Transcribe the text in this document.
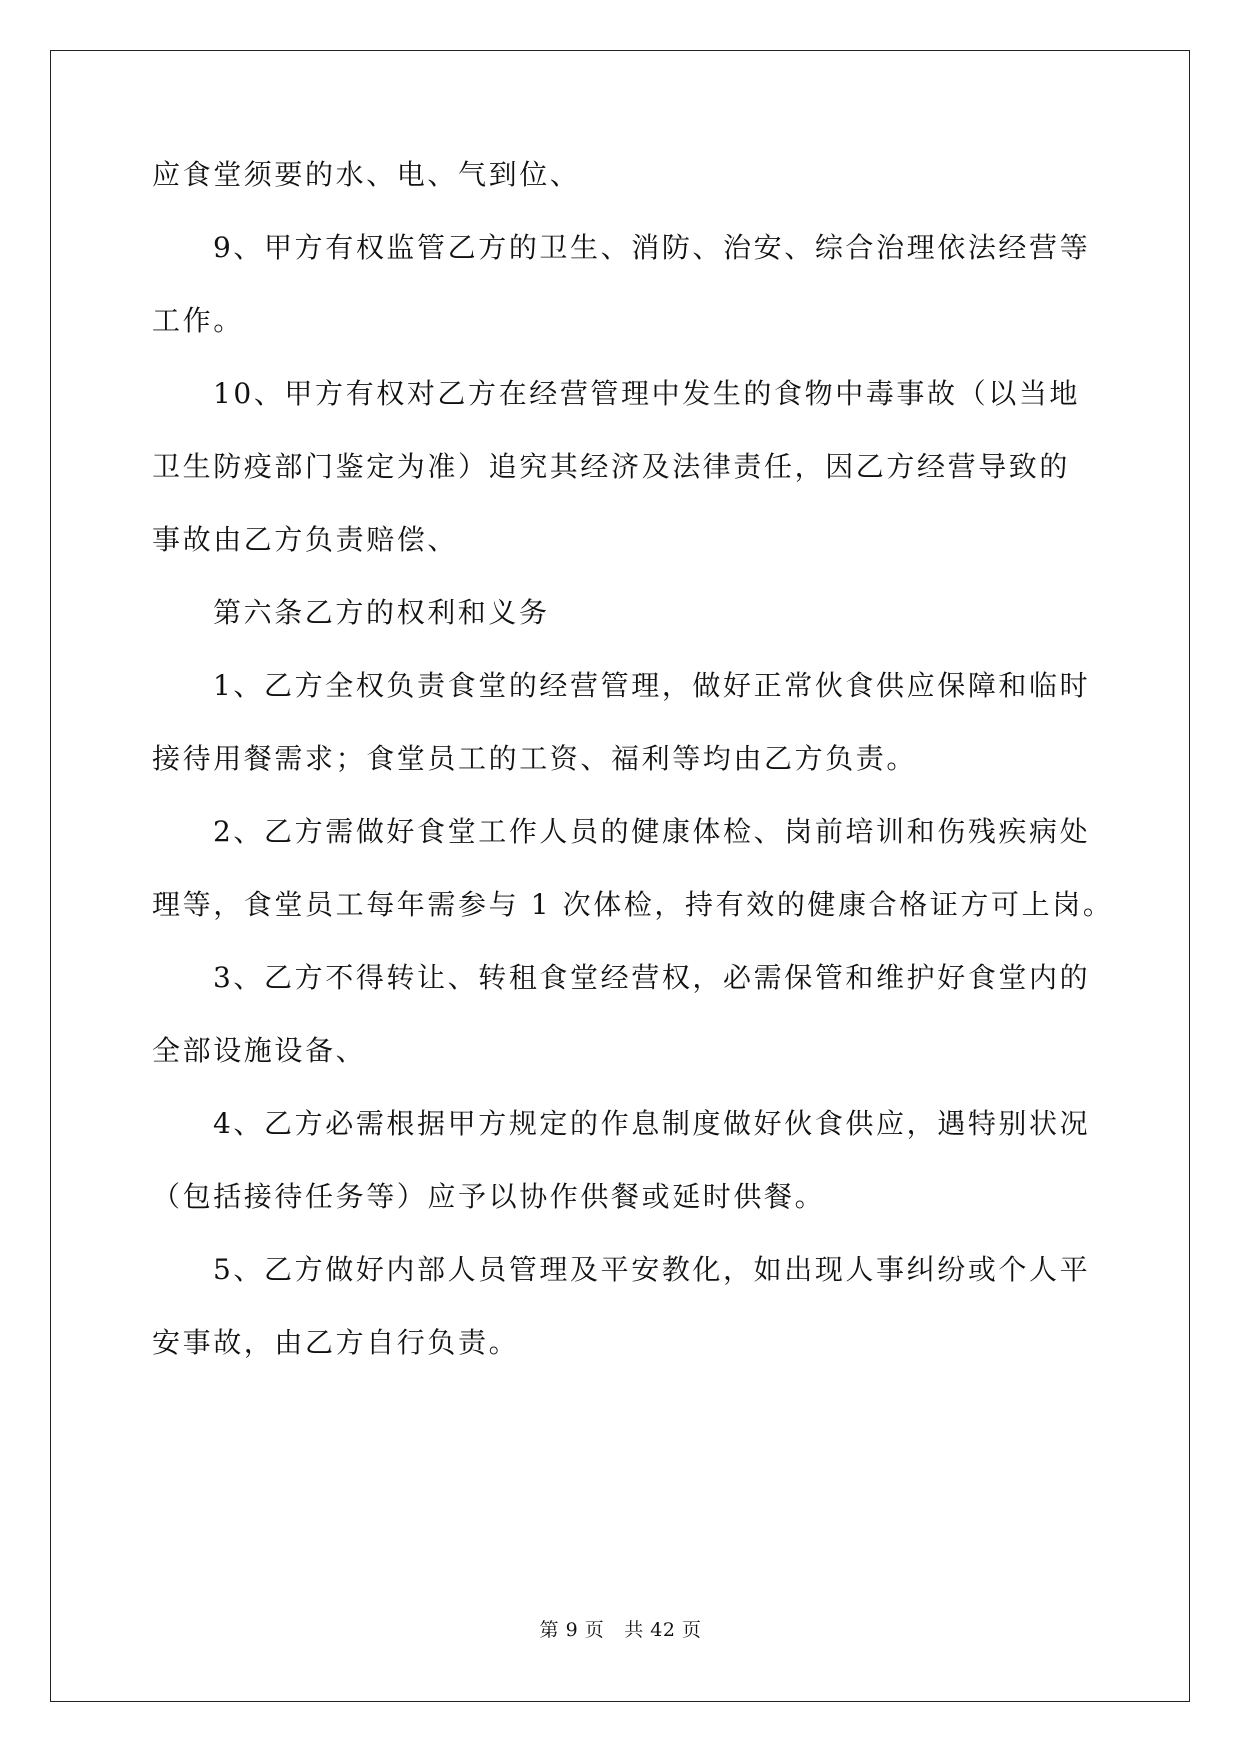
应食堂须要的水、电、气到位、
9、甲方有权监管乙方的卫生、消防、治安、综合治理依法经营等
工作。
10、甲方有权对乙方在经营管理中发生的食物中毒事故（以当地
卫生防疫部门鉴定为准）追究其经济及法律责任，因乙方经营导致的
事故由乙方负责赔偿、
第六条乙方的权利和义务
1、乙方全权负责食堂的经营管理，做好正常伙食供应保障和临时
接待用餐需求；食堂员工的工资、福利等均由乙方负责。
2、乙方需做好食堂工作人员的健康体检、岗前培训和伤残疾病处
理等，食堂员工每年需参与 1 次体检，持有效的健康合格证方可上岗。
3、乙方不得转让、转租食堂经营权，必需保管和维护好食堂内的
全部设施设备、
4、乙方必需根据甲方规定的作息制度做好伙食供应，遇特别状况
（包括接待任务等）应予以协作供餐或延时供餐。
5、乙方做好内部人员管理及平安教化，如出现人事纠纷或个人平
安事故，由乙方自行负责。
第 9 页 共 42 页
